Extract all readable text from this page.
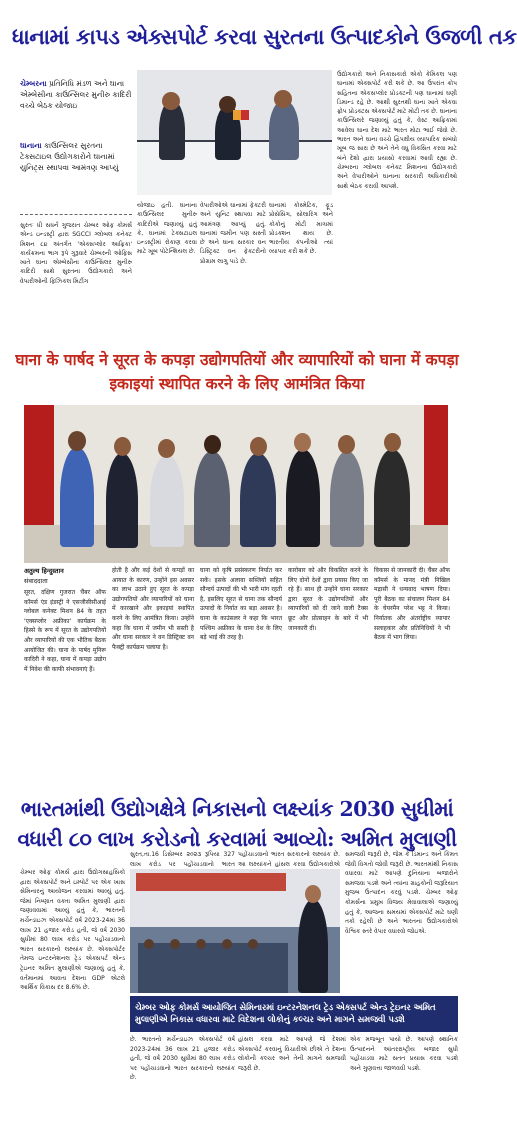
ધાનામાં કાપડ એક્સપોર્ટ કરવા સુરતના ઉત્પાદકોને ઉજળી તક
ચેમ્બરના પ્રતિનિધિ મંડળ અને ઘાના એમ્બેસીના કાઉન્સિલર મુનીરુ કાદિરી વચ્ચે બેઠક યોજાઇ
ઘાનાના કાઉન્સિલર સુરતના ટેક્સટાઇલ ઉદ્યોગકારોને ઘાનામાં યુનિટ્સ સ્થાપવા આમંત્રણ આપ્યું
ઉદ્યોગકારો અને નિકાસકારો એકો કેમિકલ પણ ઘાનામાં એક્સપોર્ટ કરી શકે છે. આ ઉપરાંત ક્રોપ સહિતના એકસપ્લોર પ્રોડક્ટની પણ ઘાનામાં ઘણી ડિમાન્ડ રહે છે. આથી સુરતથી ઘાના ખાતે એકવા ફ્રોપ પ્રોડક્ટસ એક્સપોર્ટ માટે મોટી તક છે. ઘાનાના કાઉન્સિલરે જણાવ્યું હતું કે, વેસ્ટ આફ્રિકામાં આવેલા ઘાના દેશ માટે ભારત મોટા ભાઈ જેવો છે. ભારત અને ઘાના વચ્ચે દ્વિપક્ષીય વ્યાપારિક સંબંધો ખૂબ જ સારા છે અને તેને વધુ વિકસિત કરવા માટે બંને દેશો દ્વારા પ્રયાસો કરવામાં આવી રહ્યા છે. ચેમ્બરના ગ્લોબલ કનેક્ટ મિશનના ઉદ્યોગકારો અને વેપારીઓને ઘાનાના સરકારી અધિકારીઓ સાથે બેઠક કરાવી આપશે.
સુરતઃ ધી સધર્ન ગુજરાત ચેમ્બર ઓફ કોમર્સ એન્ડ ઇન્ડસ્ટ્રી દ્વારા SGCCI ગ્લોબલ કનેક્ટ મિશન ૮૪ અંતર્ગત 'એક્સપ્લોર આફ્રિકા' કાર્યક્રમના ભાગ રૂપે ગુરૂવારે ચેમ્બરની ઓફિસ ખાતે ઘાના એમ્બેસીના કાઉન્સિલર મુનીરુ કાદિરી સાથે સુરતના ઉદ્યોગકારો અને વેપારીઓની ફિઝિકલ મિટીંગ
યોજાઇ હતી. ઘાનાના કાઉન્સિલર મુનીરુ કાદિરીએ જણાવ્યું હતું કે, ઘાનામાં ટેક્સટાઇલ ઇન્ડસ્ટ્રીમાં રોકાણ કરવા માટે ખૂબ પોટેન્શિયલ છે.
વેપારીઓએ ઘાનામાં ફેક્ટરી અને યુનિટ સ્થાપવા માટે આમંત્રણ આપ્યું હતું. ઘાનામાં જમીન પણ સસ્તી છે અને ઘાના સરકાર વન ડિસ્ટ્રિક્ટ વન ફેક્ટરીનો પ્રોગ્રામ લાગુ પાડે છે.
ઘાનામાં કોસ્મેટિક, ફૂડ પ્રોસેસિંગ, સોલારિંગ અને કોકોનું મોટી માત્રામાં પ્રોડક્શન થાય છે. ભારતીય કંપનીઓ ત્યાં વ્યાપાર કરી શકે છે.
घाना के पार्षद ने सूरत के कपड़ा उद्योगपतियों और व्यापारियों को घाना में कपड़ा इकाइयां स्थापित करने के लिए आमंत्रित किया
अतुल्य हिन्दुस्तान
संवाददाता
सूरत, दक्षिण गुजरात चैंबर ऑफ कॉमर्स एंड इंडस्ट्री ने एसजीसीसीआई ग्लोबल कनेक्ट मिशन 84 के तहत 'एक्सप्लोर अफ्रीका' कार्यक्रम के हिस्से के रूप में सूरत के उद्योगपतियों और व्यापारियों की एक भौतिक बैठक आयोजित की। घाना के पार्षद मुनिरू कादिरी ने कहा, घाना में कपड़ा उद्योग में निवेश की काफी संभावनाएं हैं।
होती है और कई देशों से कपड़ों का आयात के कारण, उन्होंने इस अवसर का लाभ उठाने हुए सूरत के कपड़ा उद्योगपतियों और व्यापारियों को घाना में कारखाने और इकाइयां स्थापित करने के लिए आमंत्रित किया। उन्होंने कहा कि घाना में जमीन भी सस्ती है और घाना सरकार ने वन डिस्ट्रिक्ट वन फैक्ट्री कार्यक्रम चलाया है।
घाना को कृषि प्रसंस्करण निर्यात कर सकें। इसके अलावा सब्जियों सहित सौन्दर्य उत्पादों की भी भारी मांग रहती है, इसलिए सूरत से घाना तक सौन्दर्य उत्पादों के निर्यात का बड़ा अवसर है। घाना के काउंसलर ने कहा कि भारत पश्चिम अफ्रीका के घाना देश के लिए बड़े भाई की तरह है।
कारोबार को और विकसित करने के लिए दोनों देशों द्वारा प्रयास किए जा रहे हैं। साथ ही उन्होंने घाना सरकार द्वारा सूरत के उद्योगपतियों और व्यापारियों को दी जाने वाली टैक्स छूट और प्रोत्साहन के बारे में भी जानकारी दी।
विकास से जानकारी दी। चैंबर ऑफ कॉमर्स के मानद मंत्री निखिल मद्रासी ने धन्यवाद भाषण दिया। पूरी बैठक का संचालन मिशन 84 के चेयरमैन परेश भट्ट ने किया। निर्यातक और अंतर्राष्ट्रीय व्यापार सलाहकार और प्रतिनिधियों ने भी बैठक में भाग लिया।
ભારતમાંથી ઉદ્યોગક્ષેત્રે નિકાસનો લક્ષ્યાંક 2030 સુધીમાં
વધારી ૮૦ લાખ કરોડનો કરવામાં આવ્યો: અમિત મુલાણી
સુરત,તા.16 ડિસેમ્બર ૨૦૨૩ રૂપિયા 327 લાખ કરોડ પર પહોંચાડવાનો ભારત
પહોંચાડવાનો ભારત સરકારનો લક્ષ્યાંક છે. આ લક્ષ્યાંકને હાંસલ કરવા ઉદ્યોગકારોએ
ચેમ્બર ઓફ કોમર્સ આયોજિત સેમિનારમાં ઇન્ટરનેશનલ ટ્રેડ એક્સપર્ટ એન્ડ ટ્રેઇનર અમિત મુલાણીએ નિકાસ વધારવા માટે વિદેશના લોકોનું કલ્ચર અને માગને સમજવી પડશે
ચેમ્બર ઓફ કોમર્સ દ્વારા ઉદ્યોગસાહસિકો દ્વારા એક્સપોર્ટ અને ઇમ્પોર્ટ પર એક ખાસ સેમિનારનું આયોજન કરવામાં આવ્યું હતું. જેમાં નિષ્ણાત વક્તા અમિત મુલાણી દ્વારા જણાવવામાં આવ્યું હતું કે, ભારતની મર્ચેન્ડાઇઝ એક્સપોર્ટ વર્ષ 2023-24માં 36 લાખ 21 હજાર કરોડ હતી, જે વર્ષ 2030 સુધીમાં 80 લાખ કરોડ પર પહોંચાડવાનો ભારત સરકારનો લક્ષ્યાંક છે. એક્સપોર્ટર તેમજ ઇન્ટરનેશનલ ટ્રેડ એક્સપર્ટ એન્ડ ટ્રેઇનર અમિત મુલાણીએ જણાવ્યું હતું કે, વર્તમાનમાં આવતા દેશના GDP એટલે આર્થિક વિકાસ દર 8.6% છે.
સમજવી જરૂરી છે, જેમ કે ડિમાન્ડ અને કિંમત જેવી વિગતો જોવી જરૂરી છે. ભારતમાંથી નિકાસ વધારવા માટે આપણે દુનિયાના બજારોને સમજવા પડશે અને ત્યાંના ગ્રાહકોની જરૂરિયાત મુજબ ઉત્પાદન કરવું પડશે. ચેમ્બર ઓફ કોમર્સના પ્રમુખ વિજય મેવાવાલાએ જણાવ્યું હતું કે, આજના સમયમાં એક્સપોર્ટ માટે ઘણી તકો રહેલી છે અને ભારતના ઉદ્યોગકારોએ વૈશ્વિક સ્તરે વેપાર વધારવો જોઇએ.
છે. ભારતનો મર્ચેન્ડાઇઝ એક્સપોર્ટ વર્ષ 2023-24માં 36 લાખ 21 હજાર કરોડ હતી, જે વર્ષ 2030 સુધીમાં 80 લાખ કરોડ પર પહોંચાડવાનો ભારત સરકારનો લક્ષ્યાંક છે.
હાંસલ કરવા માટે આપણે જે દેશમાં એક્સપોર્ટ કરવાનું વિચારીએ છીએ તે દેશના લોકોની કલ્ચર અને તેની માગને સમજવી જરૂરી છે.
એક મજબૂત પાયો છે. આપણે સ્થાનિક ઉત્પાદનને આંતરરાષ્ટ્રીય બજાર સુધી પહોંચાડવા માટે સતત પ્રયાસ કરવા પડશે અને ગુણવત્તા જાળવવી પડશે.
